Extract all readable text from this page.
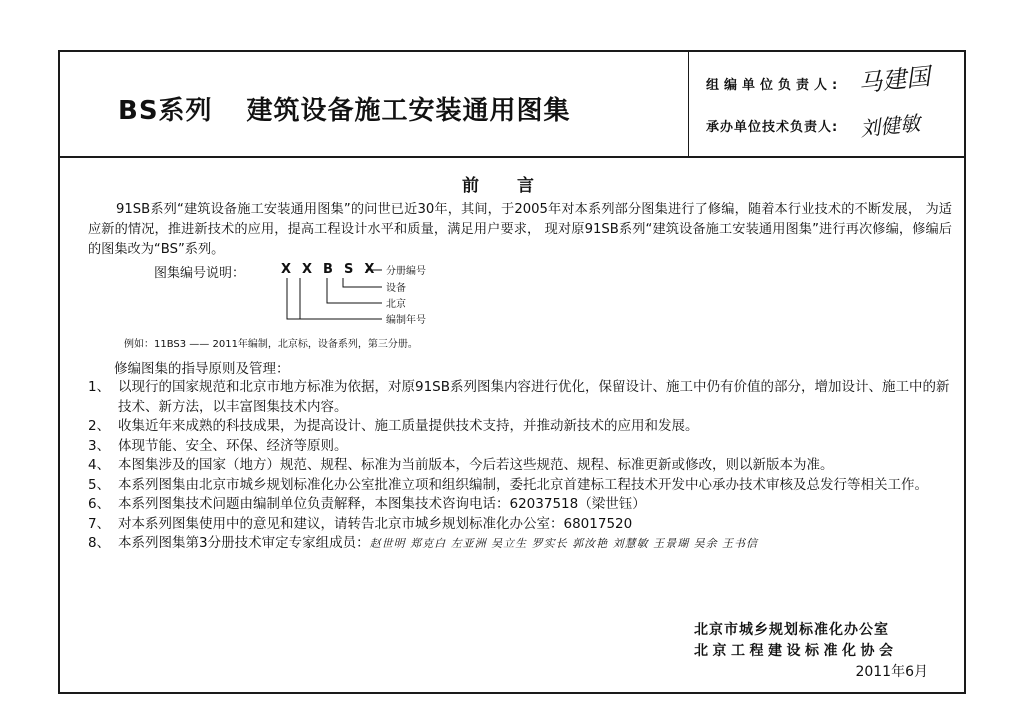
BS系列 建筑设备施工安装通用图集
组编单位负责人: 马建国
承办单位技术负责人: 刘健敏
前言

91SB系列“建筑设备施工安装通用图集”的问世已近30年，其间，于2005年对本系列部分图集进行了修编，随着本行业技术的不断发展， 为适应新的情况，推进新技术的应用，提高工程设计水平和质量，满足用户要求， 现对原91SB系列“建筑设备施工安装通用图集”进行再次修编，修编后的图集改为“BS”系列。

图集编号说明：	XXBSX 分册编号
设备
北京
编制年号
例如：11BS3 —— 2011年编制，北京标，设备系列，第三分册。
修编图集的指导原则及管理：
1、 以现行的国家规范和北京市地方标准为依据，对原91SB系列图集内容进行优化，保留设计、施工中仍有价值的部分，增加设计、施工中的新技术、新方法，以丰富图集技术内容。
2、 收集近年来成熟的科技成果，为提高设计、施工质量提供技术支持，并推动新技术的应用和发展。
3、 体现节能、安全、环保、经济等原则。
4、 本图集涉及的国家（地方）规范、规程、标准为当前版本，今后若这些规范、规程、标准更新或修改，则以新版本为准。
5、 本系列图集由北京市城乡规划标准化办公室批准立项和组织编制，委托北京首建标工程技术开发中心承办技术审核及总发行等相关工作。
6、 本系列图集技术问题由编制单位负责解释，本图集技术咨询电话：62037518（梁世钰）
7、 对本系列图集使用中的意见和建议，请转告北京市城乡规划标准化办公室：68017520
8、 本系列图集第3分册技术审定专家组成员：赵世明 郑克白 左亚洲 吴立生 罗实长 郭汝艳 刘慧敏 王景瑚 吴余 王书信
北京市城乡规划标准化办公室
北京工程建设标准化协会
2011年6月
